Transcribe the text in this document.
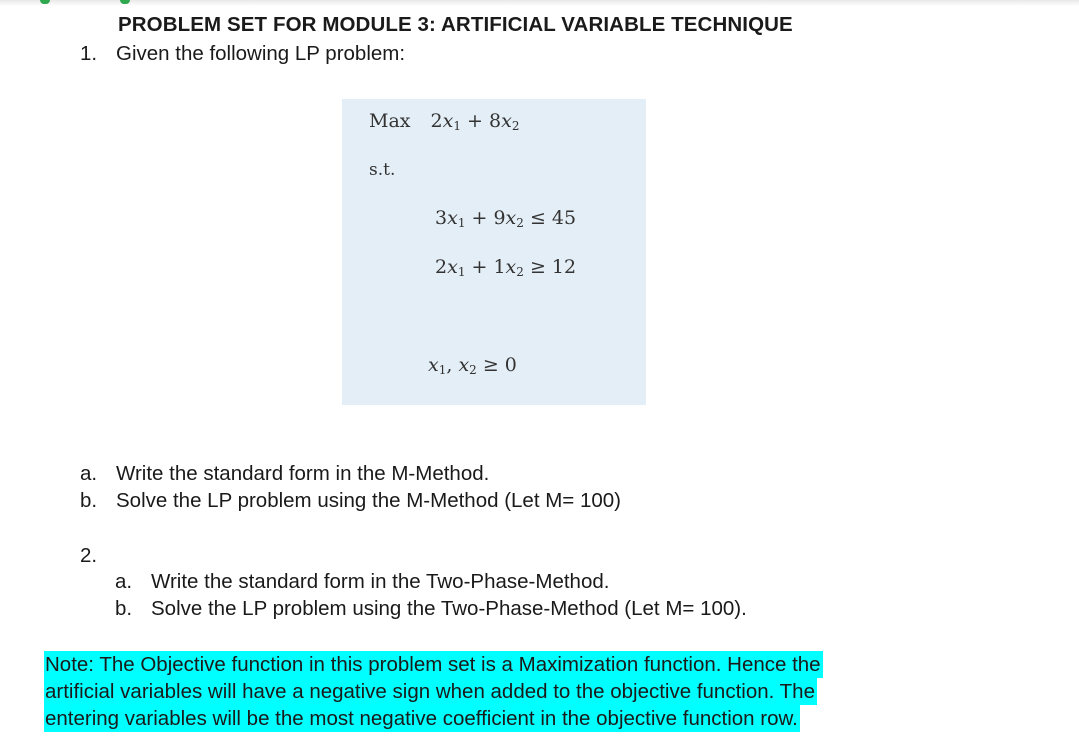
PROBLEM SET FOR MODULE 3: ARTIFICIAL VARIABLE TECHNIQUE
1. Given the following LP problem:
Max $2x_1 + 8x_2$
s.t.
$3x_1 + 9x_2 \le 45$
$2x_1 + 1x_2 \ge 12$
$x_1$, $x_2 \ge 0$
a. Write the standard form in the M-Method.
b. Solve the LP problem using the M-Method (Let M= 100)
2.
a. Write the standard form in the Two-Phase-Method.
b. Solve the LP problem using the Two-Phase-Method (Let M= 100).
Note: The Objective function in this problem set is a Maximization function. Hence the
artificial variables will have a negative sign when added to the objective function. The
entering variables will be the most negative coefficient in the objective function row.
